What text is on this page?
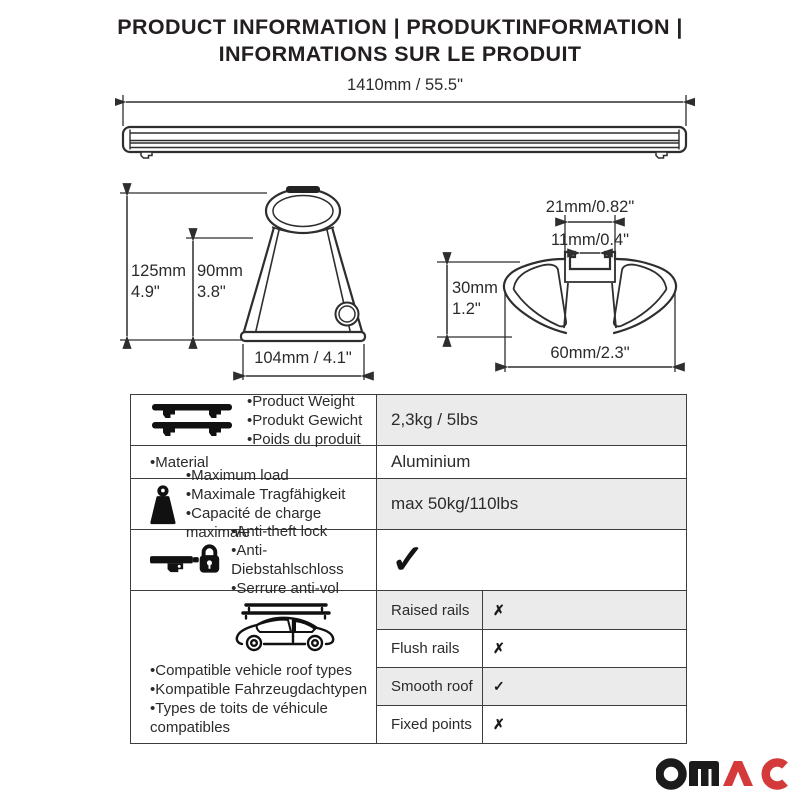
PRODUCT INFORMATION | PRODUKTINFORMATION |
INFORMATIONS SUR LE PRODUIT
1410mm / 55.5"
125mm
4.9"
90mm
3.8"
104mm / 4.1"
21mm/0.82"
11mm/0.4"
30mm
1.2"
60mm/2.3"
•Product Weight
•Produkt Gewicht
•Poids du produit
2,3kg / 5lbs
•Material	Aluminium
•Maximum load
•Maximale Tragfähigkeit
•Capacité de charge maximale
max 50kg/110lbs
•Anti-theft lock
•Anti-Diebstahlschloss
•Serrure anti-vol
✓
•Compatible vehicle roof types
•Kompatible Fahrzeugdachtypen
•Types de toits de véhicule compatibles
Raised rails	✗
Flush rails	✗
Smooth roof	✓
Fixed points	✗
